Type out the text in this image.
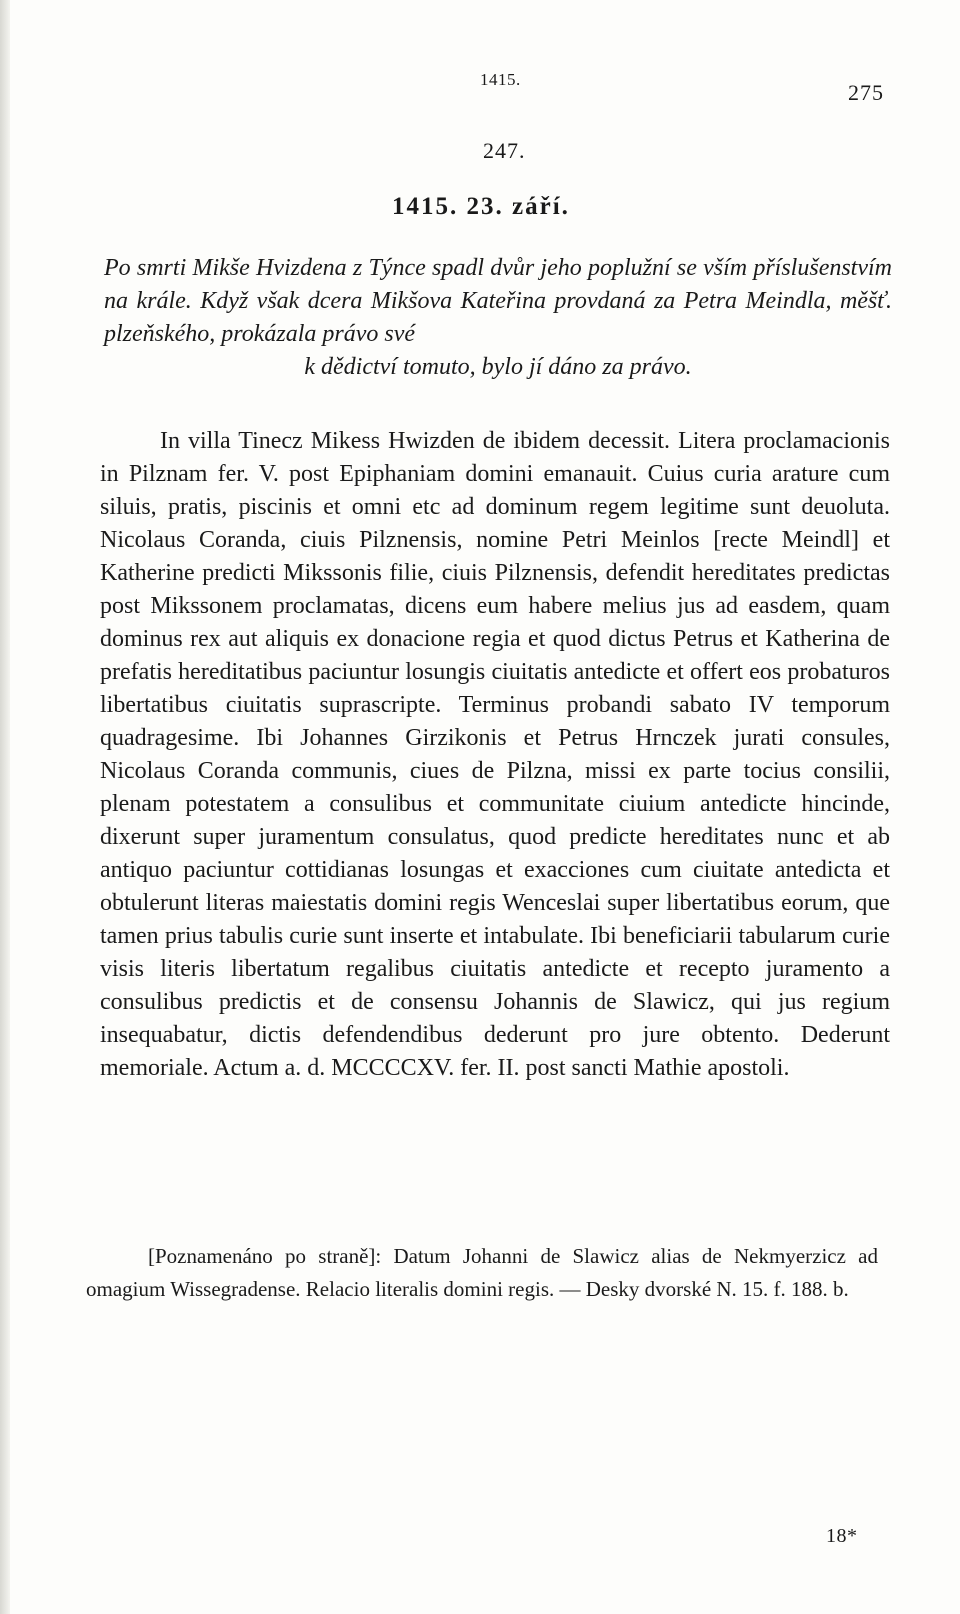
1415.
275
247.
1415. 23. září.

Po smrti Mikše Hvizdena z Týnce spadl dvůr jeho poplužní se vším příslušenstvím na krále. Když však dcera Mikšova Kateřina provdaná za Petra Meindla, měšť. plzeňského, prokázala právo své

k dědictví tomuto, bylo jí dáno za právo.

In villa Tinecz Mikess Hwizden de ibidem decessit. Litera proclamacionis in Pilznam fer. V. post Epiphaniam domini emanauit. Cuius curia arature cum siluis, pratis, piscinis et omni etc ad dominum regem legitime sunt deuoluta. Nicolaus Coranda, ciuis Pilznensis, nomine Petri Meinlos [recte Meindl] et Katherine predicti Mikssonis filie, ciuis Pilznensis, defendit hereditates predictas post Mikssonem proclamatas, dicens eum habere melius jus ad easdem, quam dominus rex aut aliquis ex donacione regia et quod dictus Petrus et Katherina de prefatis hereditatibus paciuntur losungis ciuitatis antedicte et offert eos probaturos libertatibus ciuitatis suprascripte. Terminus probandi sabato IV temporum quadragesime. Ibi Johannes Girzikonis et Petrus Hrnczek jurati consules, Nicolaus Coranda communis, ciues de Pilzna, missi ex parte tocius consilii, plenam potestatem a consulibus et communitate ciuium antedicte hincinde, dixerunt super juramentum consulatus, quod predicte hereditates nunc et ab antiquo paciuntur cottidianas losungas et exacciones cum ciuitate antedicta et obtulerunt literas maiestatis domini regis Wenceslai super libertatibus eorum, que tamen prius tabulis curie sunt inserte et intabulate. Ibi beneficiarii tabularum curie visis literis libertatum regalibus ciuitatis antedicte et recepto juramento a consulibus predictis et de consensu Johannis de Slawicz, qui jus regium insequabatur, dictis defendendibus dederunt pro jure obtento. Dederunt memoriale. Actum a. d. MCCCCXV. fer. II. post sancti Mathie apostoli.

[Poznamenáno po straně]: Datum Johanni de Slawicz alias de Nekmyerzicz ad omagium Wissegradense. Relacio literalis domini regis. — Desky dvorské N. 15. f. 188. b.

18*
